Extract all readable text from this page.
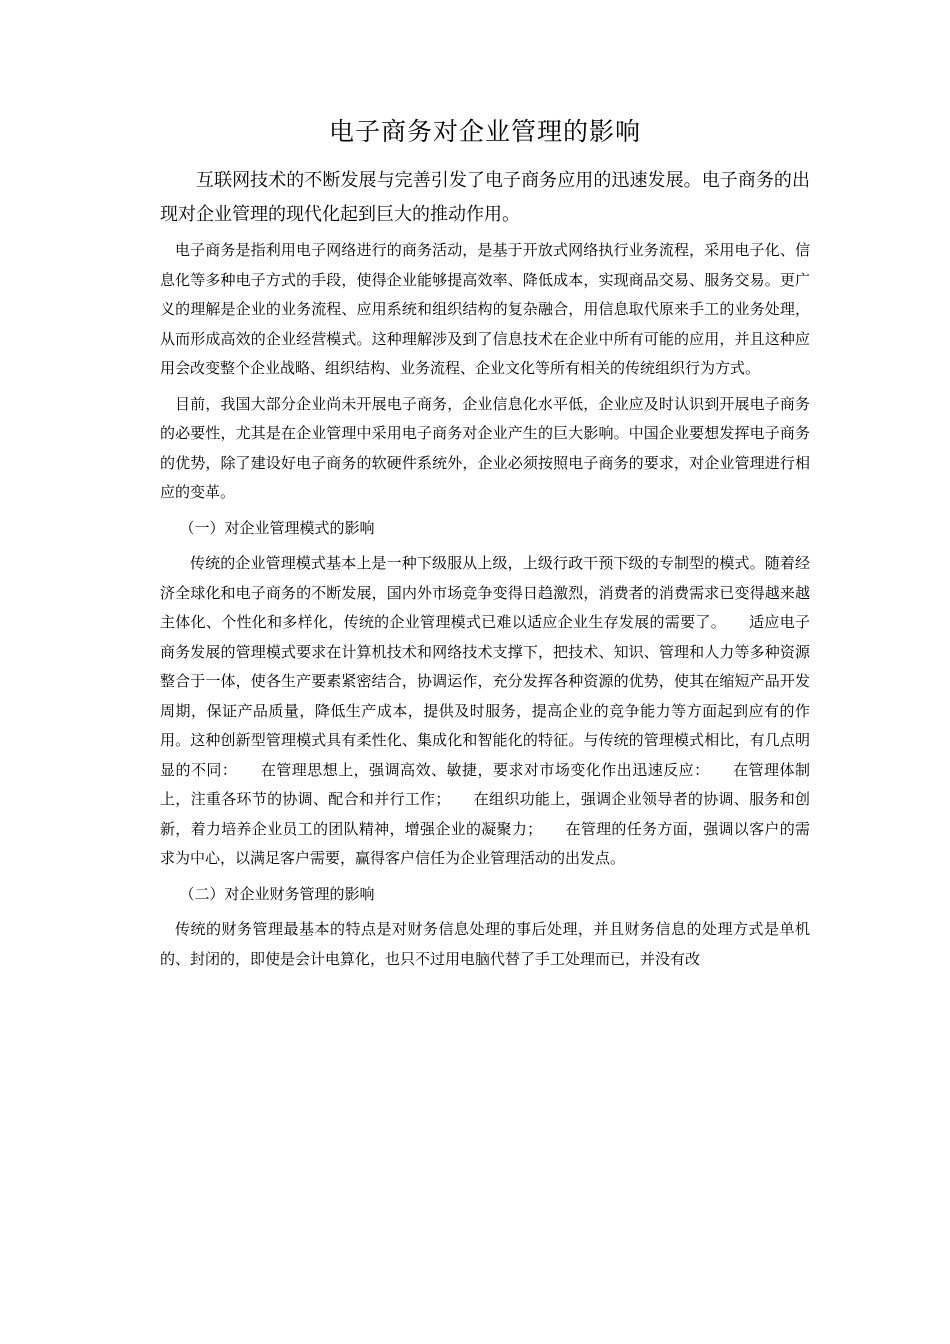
电子商务对企业管理的影响

互联网技术的不断发展与完善引发了电子商务应用的迅速发展。电子商务的出现对企业管理的现代化起到巨大的推动作用。

电子商务是指利用电子网络进行的商务活动，是基于开放式网络执行业务流程，采用电子化、信息化等多种电子方式的手段，使得企业能够提高效率、降低成本，实现商品交易、服务交易。更广义的理解是企业的业务流程、应用系统和组织结构的复杂融合，用信息取代原来手工的业务处理，从而形成高效的企业经营模式。这种理解涉及到了信息技术在企业中所有可能的应用，并且这种应用会改变整个企业战略、组织结构、业务流程、企业文化等所有相关的传统组织行为方式。

目前，我国大部分企业尚未开展电子商务，企业信息化水平低，企业应及时认识到开展电子商务的必要性，尤其是在企业管理中采用电子商务对企业产生的巨大影响。中国企业要想发挥电子商务的优势，除了建设好电子商务的软硬件系统外，企业必须按照电子商务的要求，对企业管理进行相应的变革。

（一）对企业管理模式的影响

传统的企业管理模式基本上是一种下级服从上级，上级行政干预下级的专制型的模式。随着经济全球化和电子商务的不断发展，国内外市场竞争变得日趋激烈，消费者的消费需求已变得越来越主体化、个性化和多样化，传统的企业管理模式已难以适应企业生存发展的需要了。　　适应电子商务发展的管理模式要求在计算机技术和网络技术支撑下，把技术、知识、管理和人力等多种资源整合于一体，使各生产要素紧密结合，协调运作，充分发挥各种资源的优势，使其在缩短产品开发周期，保证产品质量，降低生产成本，提供及时服务，提高企业的竞争能力等方面起到应有的作用。这种创新型管理模式具有柔性化、集成化和智能化的特征。与传统的管理模式相比，有几点明显的不同：　　在管理思想上，强调高效、敏捷，要求对市场变化作出迅速反应：　　在管理体制上，注重各环节的协调、配合和并行工作；　　在组织功能上，强调企业领导者的协调、服务和创新，着力培养企业员工的团队精神，增强企业的凝聚力；　　在管理的任务方面，强调以客户的需求为中心，以满足客户需要，赢得客户信任为企业管理活动的出发点。

（二）对企业财务管理的影响

传统的财务管理最基本的特点是对财务信息处理的事后处理，并且财务信息的处理方式是单机的、封闭的，即使是会计电算化，也只不过用电脑代替了手工处理而已，并没有改
